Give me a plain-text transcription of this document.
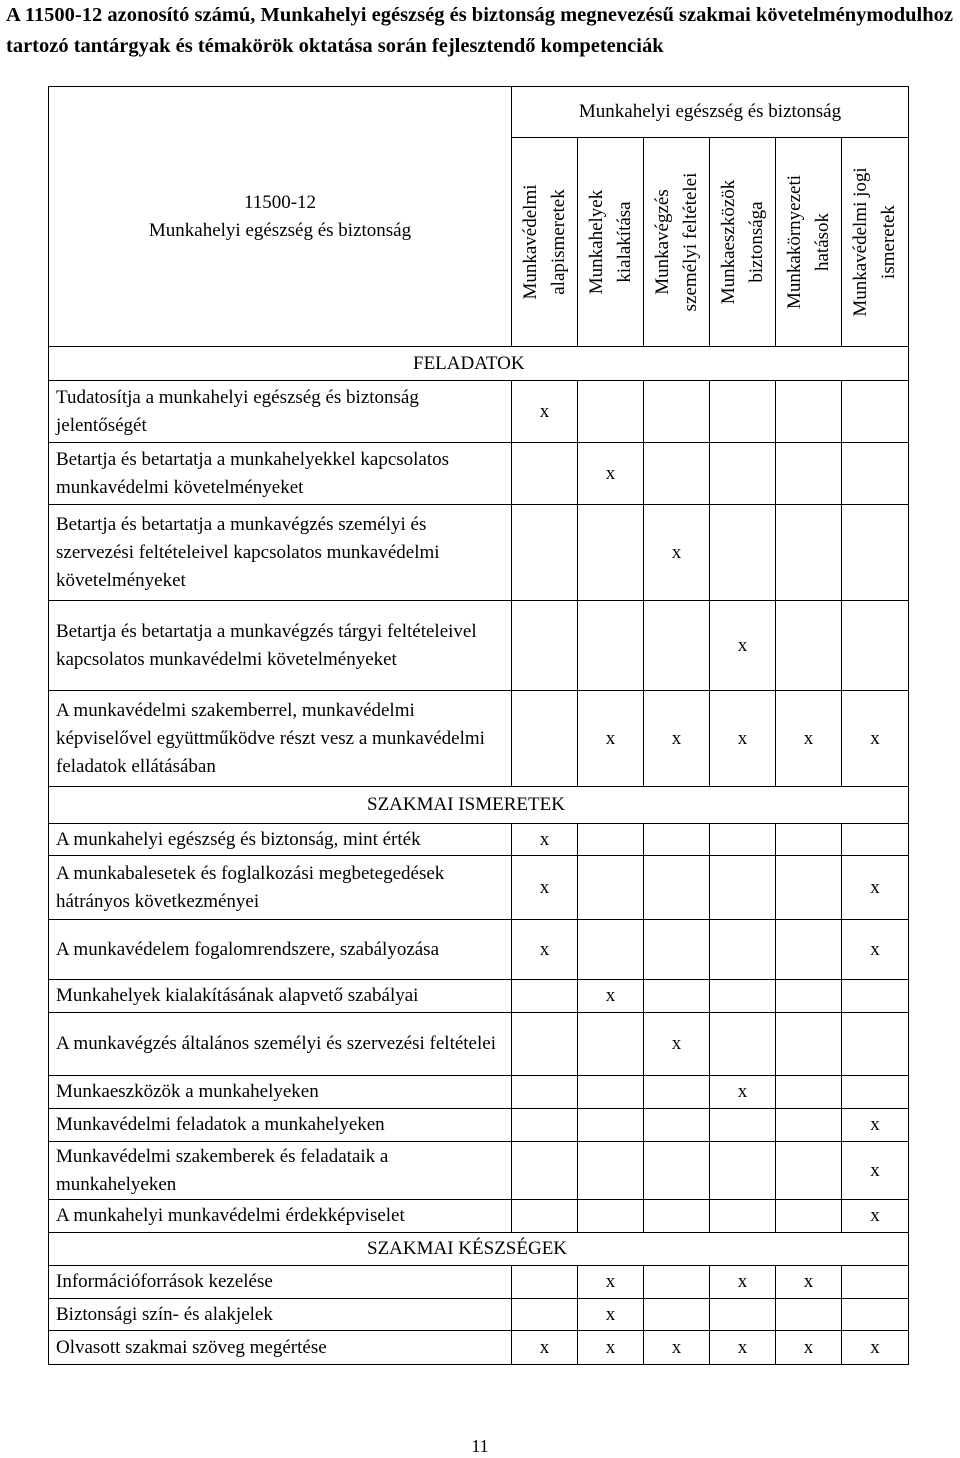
A 11500-12 azonosító számú, Munkahelyi egészség és biztonság megnevezésű szakmai követelménymodulhoz tartozó tantárgyak és témakörök oktatása során fejlesztendő kompetenciák
11500-12
Munkahelyi egészség és biztonság	Munkahelyi egészség és biztonság					

	Munkavédelmi alapismeretek	Munkahelyek kialakítása	Munkavégzés személyi feltételei	Munkaeszközök biztonsága	Munkakörnyezeti hatások	Munkavédelmi jogi ismeretek

FELADATOK						
Tudatosítja a munkahelyi egészség és biztonság jelentőségét	x					
Betartja és betartatja a munkahelyekkel kapcsolatos munkavédelmi követelményeket		x				
Betartja és betartatja a munkavégzés személyi és szervezési feltételeivel kapcsolatos munkavédelmi követelményeket			x			
Betartja és betartatja a munkavégzés tárgyi feltételeivel kapcsolatos munkavédelmi követelményeket				x		
A munkavédelmi szakemberrel, munkavédelmi képviselővel együttműködve részt vesz a munkavédelmi feladatok ellátásában		x	x	x	x	x
SZAKMAI ISMERETEK						
A munkahelyi egészség és biztonság, mint érték	x					
A munkabalesetek és foglalkozási megbetegedések hátrányos következményei	x					x
A munkavédelem fogalomrendszere, szabályozása	x					x
Munkahelyek kialakításának alapvető szabályai		x				
A munkavégzés általános személyi és szervezési feltételei			x			
Munkaeszközök a munkahelyeken				x		
Munkavédelmi feladatok a munkahelyeken						x
Munkavédelmi szakemberek és feladataik a munkahelyeken						x
A munkahelyi munkavédelmi érdekképviselet						x
SZAKMAI KÉSZSÉGEK						
Információforrások kezelése		x		x	x	
Biztonsági szín- és alakjelek		x				
Olvasott szakmai szöveg megértése	x	x	x	x	x	x
11
